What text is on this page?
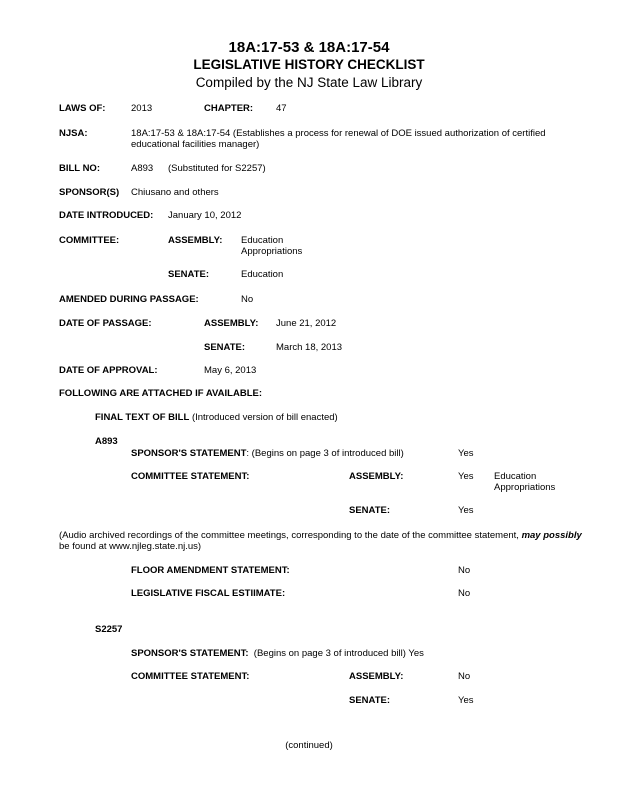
18A:17-53 & 18A:17-54
LEGISLATIVE HISTORY CHECKLIST
Compiled by the NJ State Law Library
LAWS OF:	2013	CHAPTER: 47
NJSA:	18A:17-53 & 18A:17-54 (Establishes a process for renewal of DOE issued authorization of certified
educational facilities manager)
BILL NO:	A893 (Substituted for S2257)
SPONSOR(S) Chiusano and others
DATE INTRODUCED: January 10, 2012
COMMITTEE:	ASSEMBLY: Education
Appropriations
SENATE:	Education
AMENDED DURING PASSAGE:	No
DATE OF PASSAGE:	ASSEMBLY: June 21, 2012
SENATE:	March 18, 2013
DATE OF APPROVAL:	May 6, 2013
FOLLOWING ARE ATTACHED IF AVAILABLE:
FINAL TEXT OF BILL (Introduced version of bill enacted)
A893
SPONSOR'S STATEMENT: (Begins on page 3 of introduced bill)	Yes
COMMITTEE STATEMENT:	ASSEMBLY:	Yes Education
Appropriations
SENATE:	Yes
(Audio archived recordings of the committee meetings, corresponding to the date of the committee statement, may possibly
be found at www.njleg.state.nj.us)
FLOOR AMENDMENT STATEMENT:	No
LEGISLATIVE FISCAL ESTIIMATE:	No
S2257
SPONSOR'S STATEMENT: (Begins on page 3 of introduced bill) Yes
COMMITTEE STATEMENT:	ASSEMBLY:	No
SENATE:	Yes
(continued)
